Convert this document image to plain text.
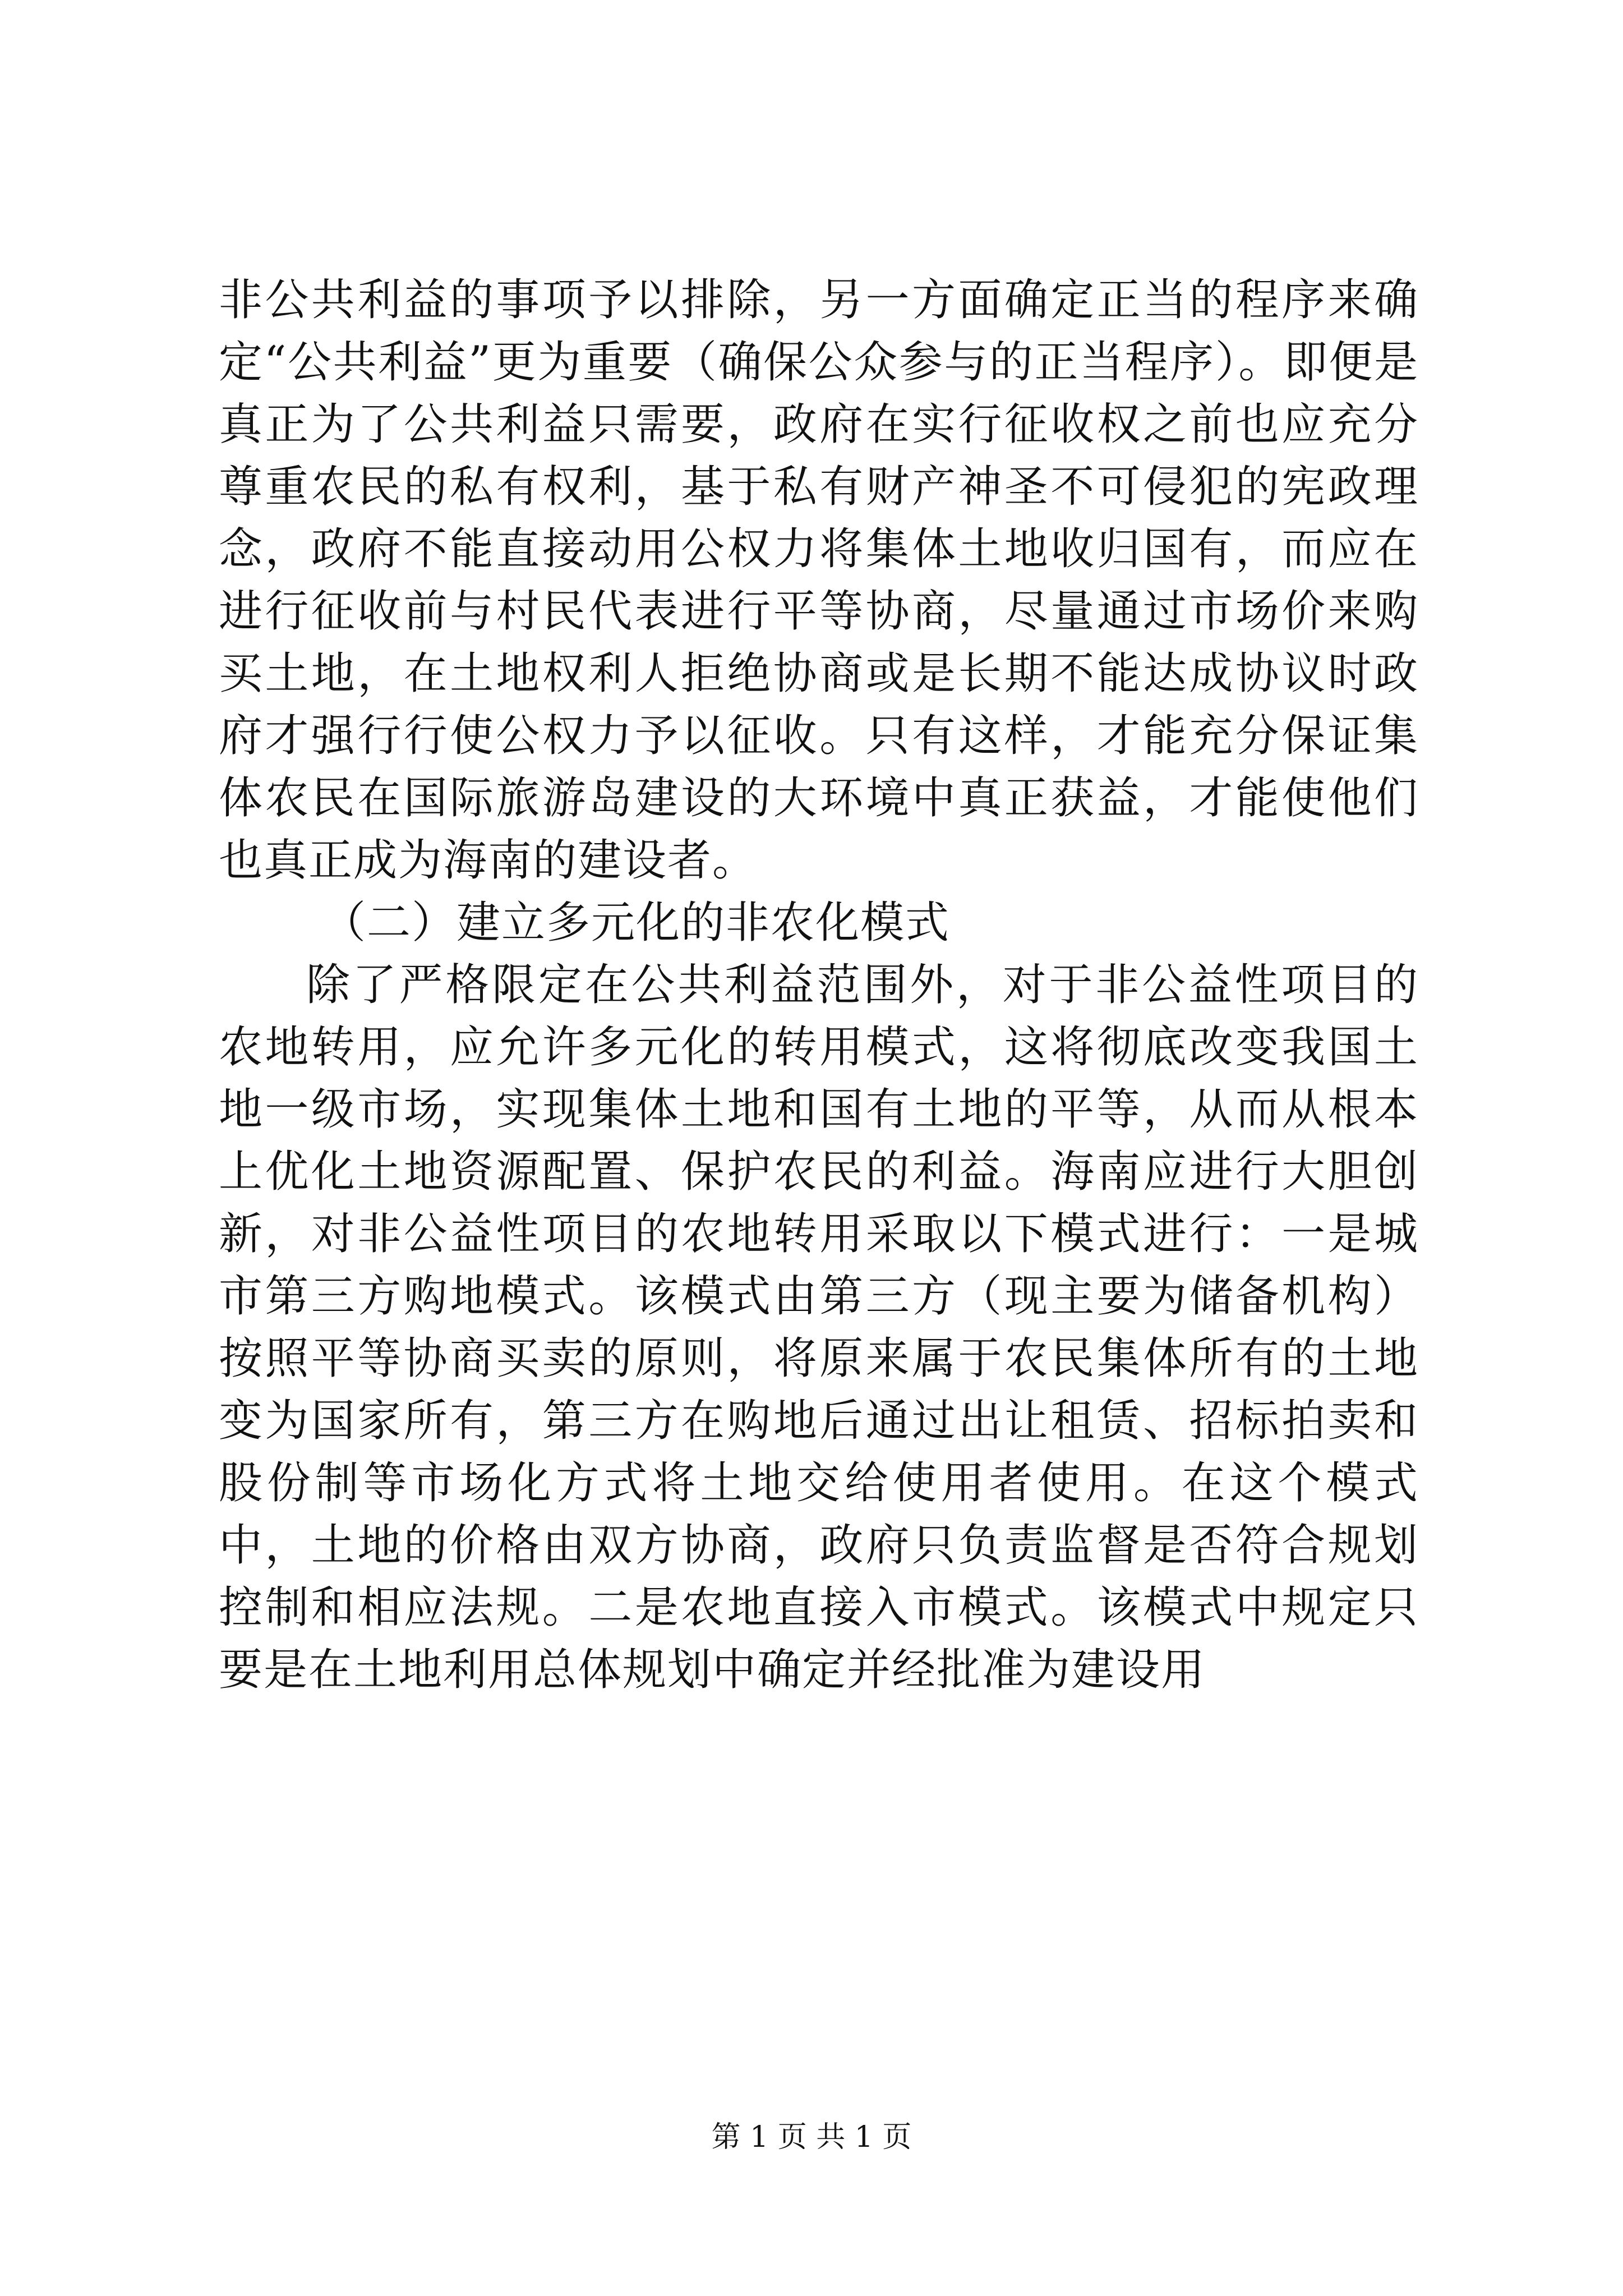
非公共利益的事项予以排除，另一方面确定正当的程序来确定“公共利益”更为重要（确保公众参与的正当程序）。即便是真正为了公共利益只需要，政府在实行征收权之前也应充分尊重农民的私有权利，基于私有财产神圣不可侵犯的宪政理念，政府不能直接动用公权力将集体土地收归国有，而应在进行征收前与村民代表进行平等协商，尽量通过市场价来购买土地，在土地权利人拒绝协商或是长期不能达成协议时政府才强行行使公权力予以征收。只有这样，才能充分保证集体农民在国际旅游岛建设的大环境中真正获益，才能使他们也真正成为海南的建设者。

（二）建立多元化的非农化模式

除了严格限定在公共利益范围外，对于非公益性项目的农地转用，应允许多元化的转用模式，这将彻底改变我国土地一级市场，实现集体土地和国有土地的平等，从而从根本上优化土地资源配置、保护农民的利益。海南应进行大胆创新，对非公益性项目的农地转用采取以下模式进行：一是城市第三方购地模式。该模式由第三方（现主要为储备机构）按照平等协商买卖的原则，将原来属于农民集体所有的土地变为国家所有，第三方在购地后通过出让租赁、招标拍卖和股份制等市场化方式将土地交给使用者使用。在这个模式中，土地的价格由双方协商，政府只负责监督是否符合规划控制和相应法规。二是农地直接入市模式。该模式中规定只要是在土地利用总体规划中确定并经批准为建设用

第 1 页 共 1 页
